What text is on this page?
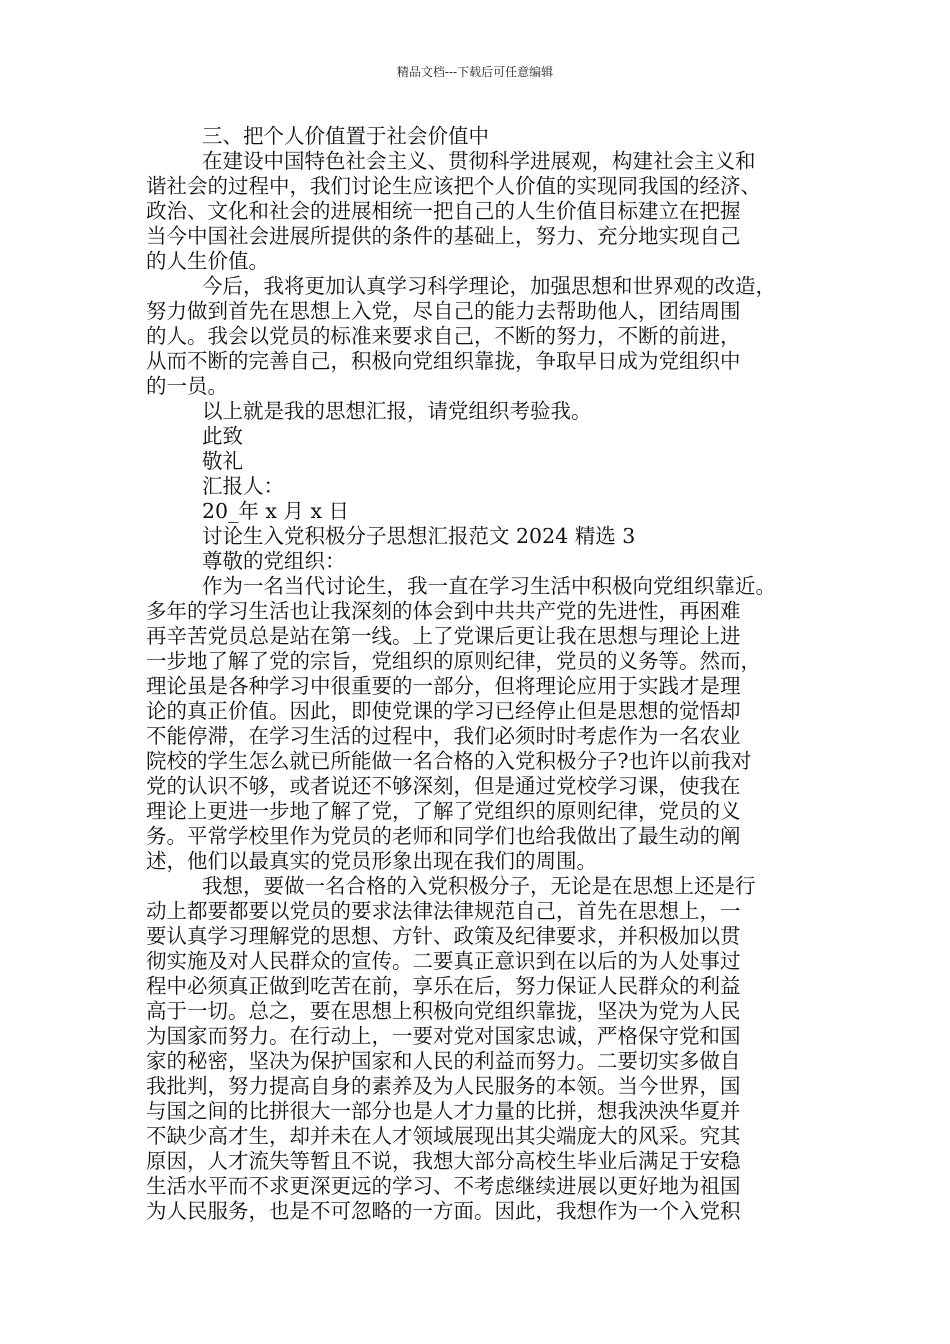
精品文档---下载后可任意编辑
三、把个人价值置于社会价值中
在建设中国特色社会主义、贯彻科学进展观，构建社会主义和
谐社会的过程中，我们讨论生应该把个人价值的实现同我国的经济、
政治、文化和社会的进展相统一把自己的人生价值目标建立在把握
当今中国社会进展所提供的条件的基础上，努力、充分地实现自己
的人生价值。
今后，我将更加认真学习科学理论，加强思想和世界观的改造，
努力做到首先在思想上入党，尽自己的能力去帮助他人，团结周围
的人。我会以党员的标准来要求自己，不断的努力，不断的前进，
从而不断的完善自己，积极向党组织靠拢，争取早日成为党组织中
的一员。
以上就是我的思想汇报，请党组织考验我。
此致
敬礼
汇报人：
20_年 x 月 x 日
讨论生入党积极分子思想汇报范文 2024 精选 3
尊敬的党组织：
作为一名当代讨论生，我一直在学习生活中积极向党组织靠近。
多年的学习生活也让我深刻的体会到中共共产党的先进性，再困难
再辛苦党员总是站在第一线。上了党课后更让我在思想与理论上进
一步地了解了党的宗旨，党组织的原则纪律，党员的义务等。然而，
理论虽是各种学习中很重要的一部分，但将理论应用于实践才是理
论的真正价值。因此，即使党课的学习已经停止但是思想的觉悟却
不能停滞，在学习生活的过程中，我们必须时时考虑作为一名农业
院校的学生怎么就已所能做一名合格的入党积极分子?也许以前我对
党的认识不够，或者说还不够深刻，但是通过党校学习课，使我在
理论上更进一步地了解了党，了解了党组织的原则纪律，党员的义
务。平常学校里作为党员的老师和同学们也给我做出了最生动的阐
述，他们以最真实的党员形象出现在我们的周围。
我想，要做一名合格的入党积极分子，无论是在思想上还是行
动上都要都要以党员的要求法律法律规范自己，首先在思想上，一
要认真学习理解党的思想、方针、政策及纪律要求，并积极加以贯
彻实施及对人民群众的宣传。二要真正意识到在以后的为人处事过
程中必须真正做到吃苦在前，享乐在后，努力保证人民群众的利益
高于一切。总之，要在思想上积极向党组织靠拢，坚决为党为人民
为国家而努力。在行动上，一要对党对国家忠诚，严格保守党和国
家的秘密，坚决为保护国家和人民的利益而努力。二要切实多做自
我批判，努力提高自身的素养及为人民服务的本领。当今世界，国
与国之间的比拼很大一部分也是人才力量的比拼，想我泱泱华夏并
不缺少高才生，却并未在人才领域展现出其尖端庞大的风采。究其
原因，人才流失等暂且不说，我想大部分高校生毕业后满足于安稳
生活水平而不求更深更远的学习、不考虑继续进展以更好地为祖国
为人民服务，也是不可忽略的一方面。因此，我想作为一个入党积
